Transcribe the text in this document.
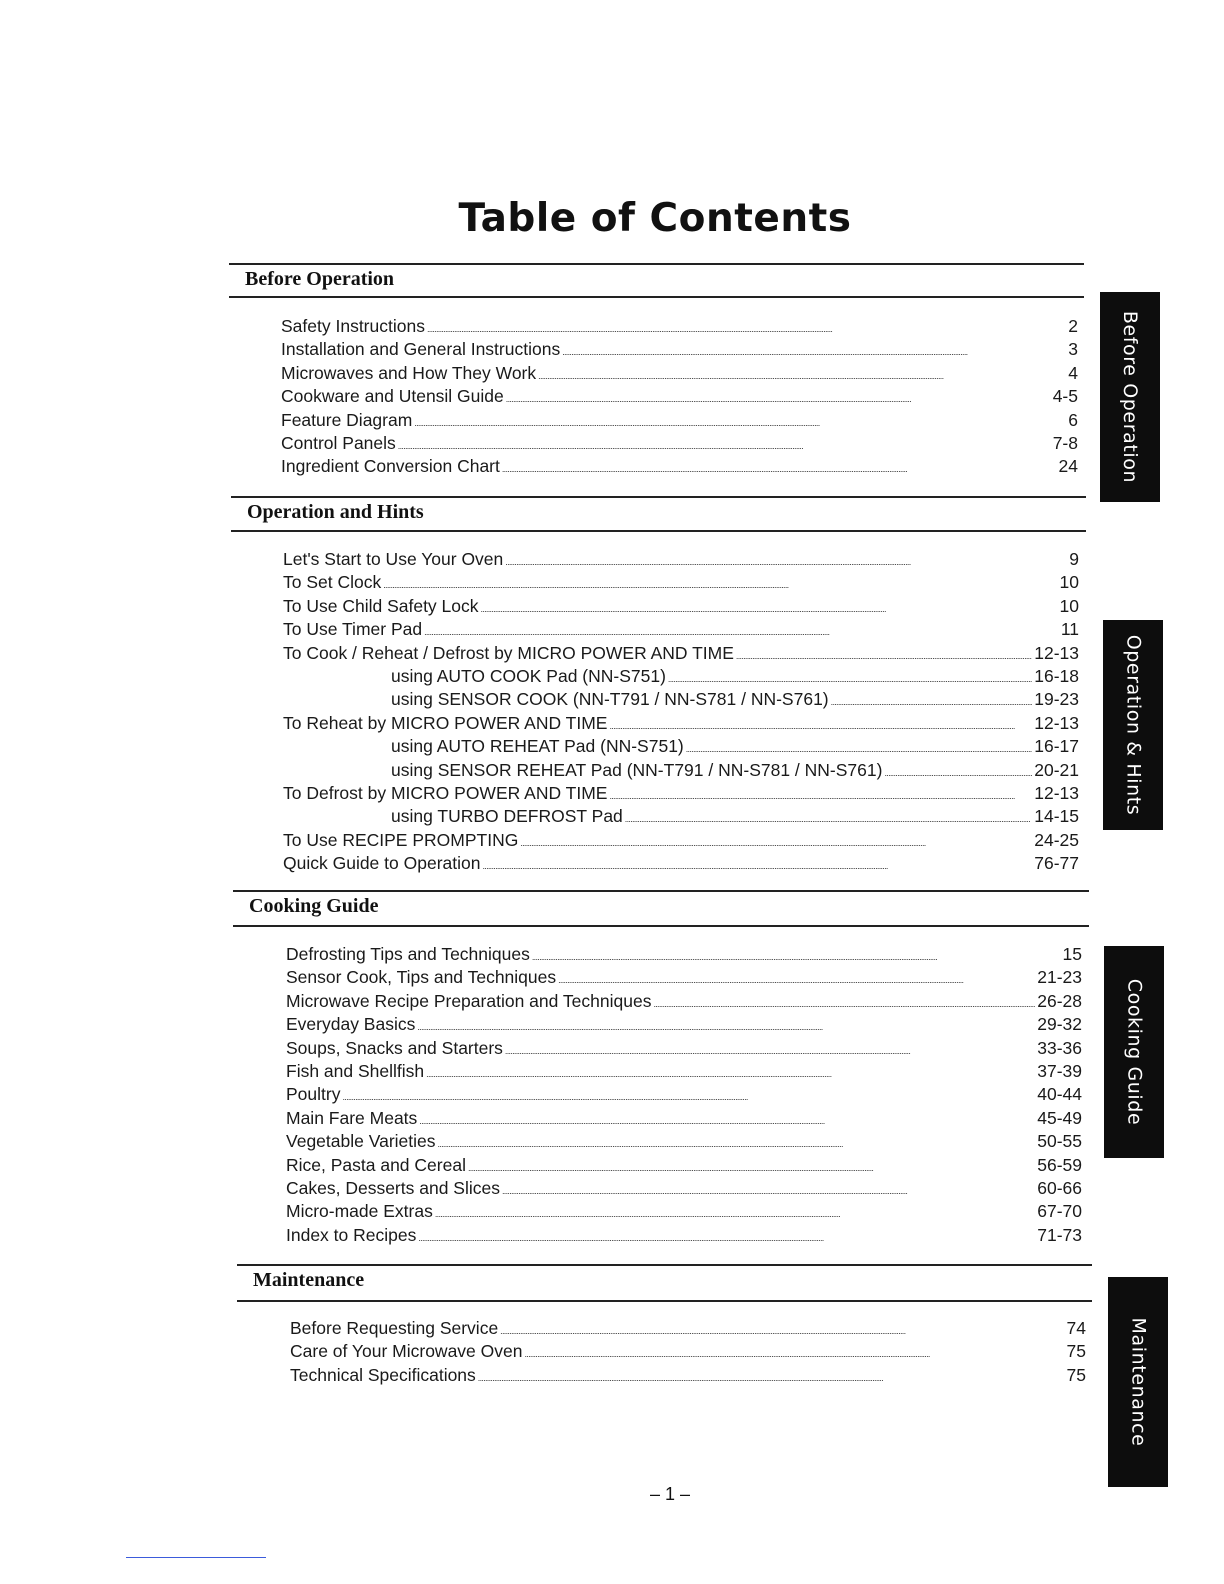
Table of Contents
Before Operation
Safety Instructions . . .	2
Installation and General Instructions . . .	3
Microwaves and How They Work . . .	4
Cookware and Utensil Guide . . .	4-5
Feature Diagram . . .	6
Control Panels . . .	7-8
Ingredient Conversion Chart . . .	24
Operation and Hints
Let's Start to Use Your Oven . . .	9
To Set Clock . . .	10
To Use Child Safety Lock . . .	10
To Use Timer Pad . . .	11
To Cook / Reheat / Defrost by MICRO POWER AND TIME . . .	12-13
using AUTO COOK Pad (NN-S751) . . .	16-18
using SENSOR COOK (NN-T791 / NN-S781 / NN-S761) . . .	19-23
To Reheat by MICRO POWER AND TIME . . .	12-13
using AUTO REHEAT Pad (NN-S751) . . .	16-17
using SENSOR REHEAT Pad (NN-T791 / NN-S781 / NN-S761) . . .	20-21
To Defrost by MICRO POWER AND TIME . . .	12-13
using TURBO DEFROST Pad . . .	14-15
To Use RECIPE PROMPTING . . .	24-25
Quick Guide to Operation . . .	76-77
Cooking Guide
Defrosting Tips and Techniques . . .	15
Sensor Cook, Tips and Techniques . . .	21-23
Microwave Recipe Preparation and Techniques . . .	26-28
Everyday Basics . . .	29-32
Soups, Snacks and Starters . . .	33-36
Fish and Shellfish . . .	37-39
Poultry . . .	40-44
Main Fare Meats . . .	45-49
Vegetable Varieties . . .	50-55
Rice, Pasta and Cereal . . .	56-59
Cakes, Desserts and Slices . . .	60-66
Micro-made Extras . . .	67-70
Index to Recipes . . .	71-73
Maintenance
Before Requesting Service . . .	74
Care of Your Microwave Oven . . .	75
Technical Specifications . . .	75
Before Operation
Operation & Hints
Cooking Guide
Maintenance
– 1 –
